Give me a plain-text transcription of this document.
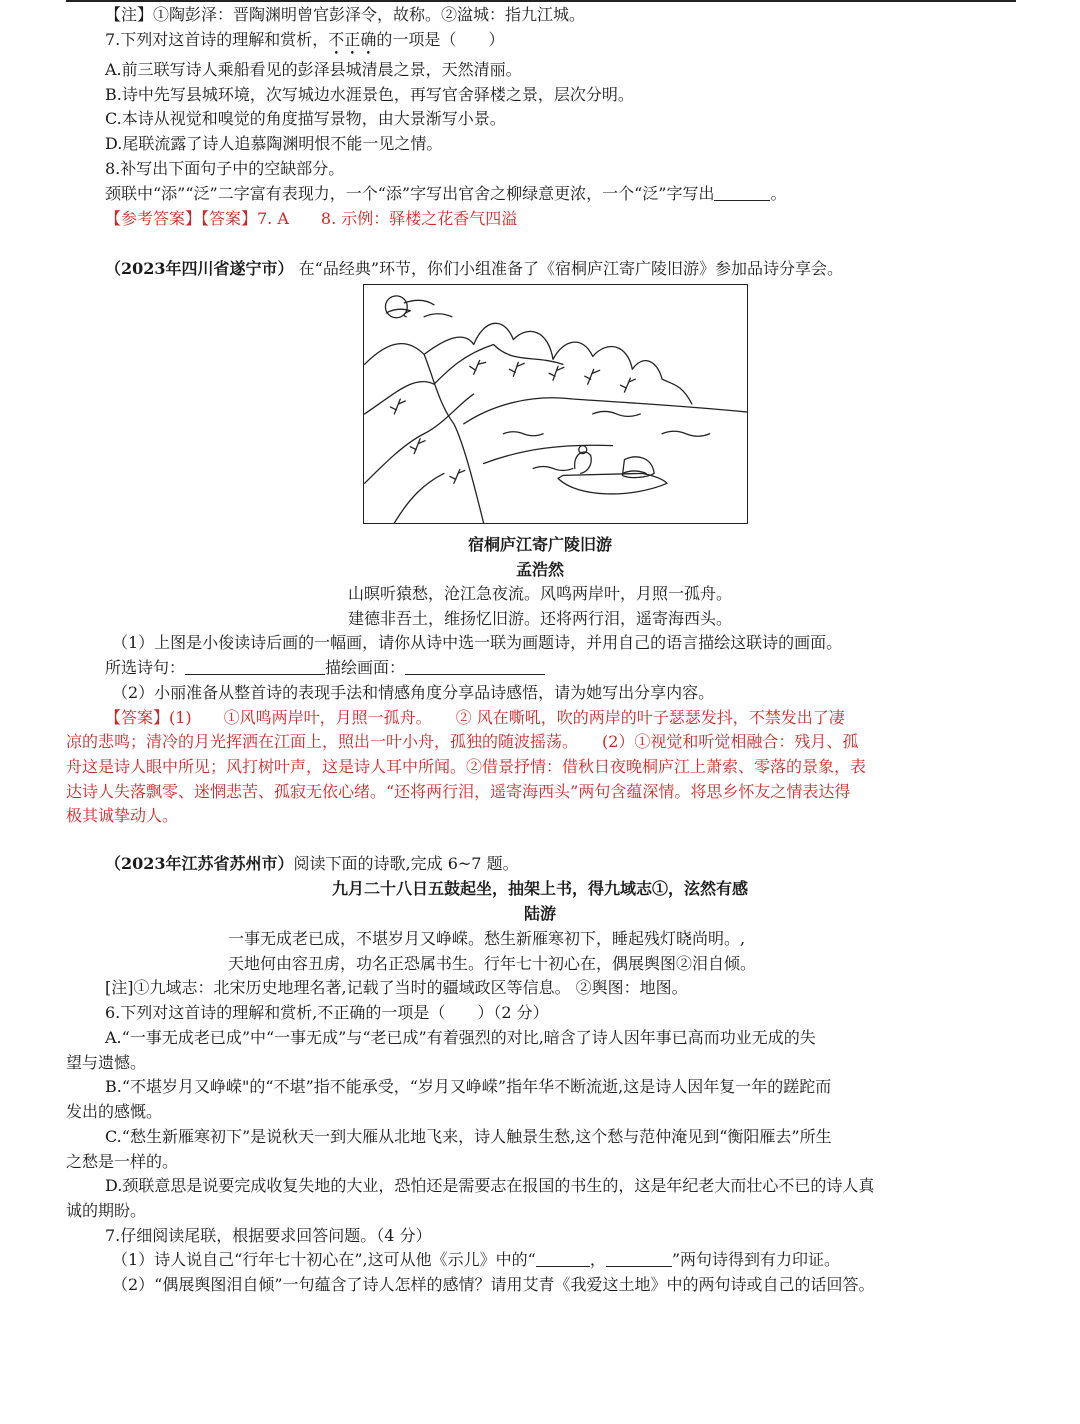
【注】①陶彭泽：晋陶渊明曾官彭泽令，故称。②湓城：指九江城。
7.下列对这首诗的理解和赏析，不正确的一项是（　　）
A.前三联写诗人乘船看见的彭泽县城清晨之景，天然清丽。
B.诗中先写县城环境，次写城边水涯景色，再写官舍驿楼之景，层次分明。
C.本诗从视觉和嗅觉的角度描写景物，由大景渐写小景。
D.尾联流露了诗人追慕陶渊明恨不能一见之情。
8.补写出下面句子中的空缺部分。
颈联中“添”“泛”二字富有表现力，一个“添”字写出官舍之柳绿意更浓，一个“泛”字写出	。
【参考答案】【答案】7. A　　8. 示例：驿楼之花香气四溢
（2023年四川省遂宁市） 在“品经典”环节，你们小组准备了《宿桐庐江寄广陵旧游》参加品诗分享会。
宿桐庐江寄广陵旧游
孟浩然
山暝听猿愁，沧江急夜流。风鸣两岸叶，月照一孤舟。
建德非吾土，维扬忆旧游。还将两行泪，遥寄海西头。
（1）上图是小俊读诗后画的一幅画，请你从诗中选一联为画题诗，并用自己的语言描绘这联诗的画面。
所选诗句：	描绘画面：
（2）小丽准备从整首诗的表现手法和情感角度分享品诗感悟，请为她写出分享内容。
【答案】(1)　　①风鸣两岸叶，月照一孤舟。　　② 风在嘶吼，吹的两岸的叶子瑟瑟发抖，不禁发出了凄
凉的悲鸣；清冷的月光挥洒在江面上，照出一叶小舟，孤独的随波摇荡。　　(2）①视觉和听觉相融合：残月、孤
舟这是诗人眼中所见；风打树叶声，这是诗人耳中所闻。②借景抒情：借秋日夜晚桐庐江上萧索、零落的景象，表
达诗人失落飘零、迷惘悲苦、孤寂无依心绪。“还将两行泪，遥寄海西头”两句含蕴深情。将思乡怀友之情表达得
极其诚挚动人。
（2023年江苏省苏州市）阅读下面的诗歌,完成 6~7 题。
九月二十八日五鼓起坐，抽架上书，得九域志①，泫然有感
陆游
一事无成老已成，不堪岁月又峥嵘。愁生新雁寒初下，睡起残灯晓尚明。,
天地何由容丑虏，功名正恐属书生。行年七十初心在，偶展舆图②泪自倾。
[注]①九域志：北宋历史地理名著,记载了当时的疆域政区等信息。 ②舆图：地图。
6.下列对这首诗的理解和赏析,不正确的一项是（　　）（2 分）
A.“一事无成老已成”中“一事无成”与“老已成”有着强烈的对比,暗含了诗人因年事已高而功业无成的失
望与遗憾。
B.“不堪岁月又峥嵘"的“不堪”指不能承受，“岁月又峥嵘”指年华不断流逝,这是诗人因年复一年的蹉跎而
发出的感慨。
C.“愁生新雁寒初下”是说秋天一到大雁从北地飞来，诗人触景生愁,这个愁与范仲淹见到“衡阳雁去”所生
之愁是一样的。
D.颈联意思是说要完成收复失地的大业，恐怕还是需要志在报国的书生的，这是年纪老大而壮心不已的诗人真
诚的期盼。
7.仔细阅读尾联，根据要求回答问题。（4 分）
（1）诗人说自己“行年七十初心在”,这可从他《示儿》中的“	，	”两句诗得到有力印证。
（2）“偶展舆图泪自倾”一句蕴含了诗人怎样的感情？请用艾青《我爱这土地》中的两句诗或自己的话回答。
